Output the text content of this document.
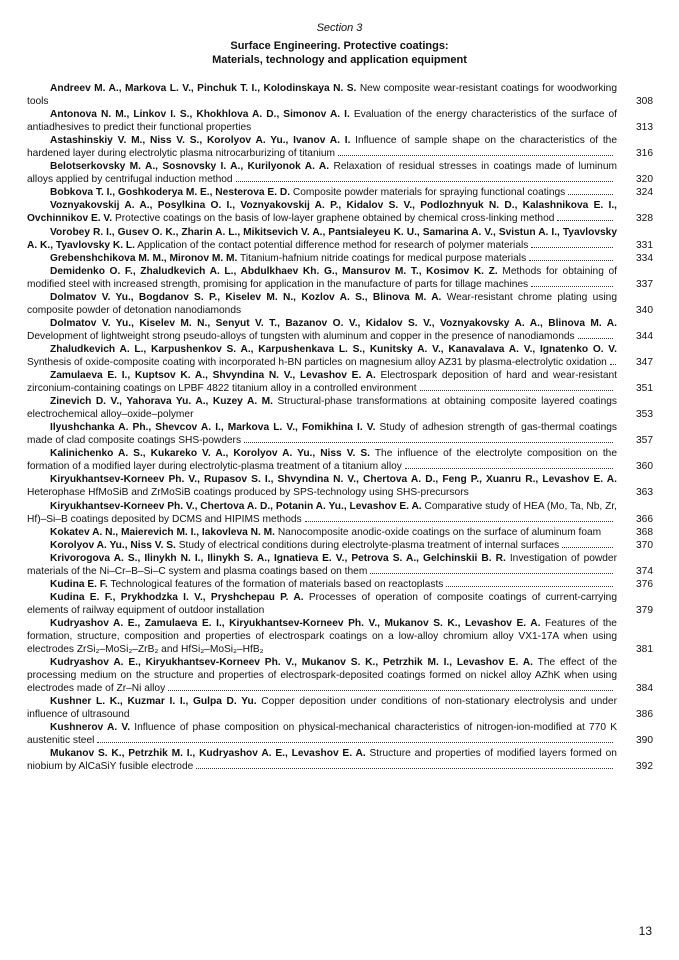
Section 3
Surface Engineering. Protective coatings:
Materials, technology and application equipment
Andreev M. A., Markova L. V., Pinchuk T. I., Kolodinskaya N. S. New composite wear-resistant coatings for woodworking tools	308
Antonova N. M., Linkov I. S., Khokhlova A. D., Simonov A. I. Evaluation of the energy characteristics of the surface of antiadhesives to predict their functional properties	313
Astashinskiy V. M., Niss V. S., Korolyov A. Yu., Ivanov A. I. Influence of sample shape on the characteristics of the hardened layer during electrolytic plasma nitrocarburizing of titanium	316
Belotserkovsky M. A., Sosnovsky I. A., Kurilyonok A. A. Relaxation of residual stresses in coatings made of luminum alloys applied by centrifugal induction method	320
Bobkova T. I., Goshkoderya M. E., Nesterova E. D. Composite powder materials for spraying functional coatings	324
Voznyakovskij A. A., Posylkina O. I., Voznyakovskij A. P., Kidalov S. V., Podlozhnyuk N. D., Kalashnikova E. I., Ovchinnikov E. V. Protective coatings on the basis of low-layer graphene obtained by chemical cross-linking method	328
Vorobey R. I., Gusev O. K., Zharin A. L., Mikitsevich V. A., Pantsialeyeu K. U., Samarina A. V., Svistun A. I., Tyavlovsky A. K., Tyavlovsky K. L. Application of the contact potential difference method for research of polymer materials	331
Grebenshchikova M. M., Mironov M. M. Titanium-hafnium nitride coatings for medical purpose materials	334
Demidenko O. F., Zhaludkevich A. L., Abdulkhaev Kh. G., Mansurov M. T., Kosimov K. Z. Methods for obtaining of modified steel with increased strength, promising for application in the manufacture of parts for tillage machines	337
Dolmatov V. Yu., Bogdanov S. P., Kiselev M. N., Kozlov A. S., Blinova M. A. Wear-resistant chrome plating using composite powder of detonation nanodiamonds	340
Dolmatov V. Yu., Kiselev M. N., Senyut V. T., Bazanov O. V., Kidalov S. V., Voznyakovsky A. A., Blinova M. A. Development of lightweight strong pseudo-alloys of tungsten with aluminum and copper in the presence of nanodiamonds	344
Zhaludkevich A. L., Karpushenkov S. A., Karpushenkava L. S., Kunitsky A. V., Kanavalava A. V., Ignatenko O. V. Synthesis of oxide-composite coating with incorporated h-BN particles on magnesium alloy AZ31 by plasma-electrolytic oxidation	347
Zamulaeva E. I., Kuptsov K. A., Shvyndina N. V., Levashov E. A. Electrospark deposition of hard and wear-resistant zirconium-containing coatings on LPBF 4822 titanium alloy in a controlled environment	351
Zinevich D. V., Yahorava Yu. A., Kuzey A. M. Structural-phase transformations at obtaining composite layered coatings electrochemical alloy–oxide–polymer	353
Ilyushchanka A. Ph., Shevcov A. I., Markova L. V., Fomikhina I. V. Study of adhesion strength of gas-thermal coatings made of clad composite coatings SHS-powders	357
Kalinichenko A. S., Kukareko V. A., Korolyov A. Yu., Niss V. S. The influence of the electrolyte composition on the formation of a modified layer during electrolytic-plasma treatment of a titanium alloy	360
Kiryukhantsev-Korneev Ph. V., Rupasov S. I., Shvyndina N. V., Chertova A. D., Feng P., Xuanru R., Levashov E. A. Heterophase HfMoSiB and ZrMoSiB coatings produced by SPS-technology using SHS-precursors	363
Kiryukhantsev-Korneev Ph. V., Chertova A. D., Potanin A. Yu., Levashov E. A. Comparative study of HEA (Mo, Ta, Nb, Zr, Hf)–Si–B coatings deposited by DCMS and HIPIMS methods	366
Kokatev A. N., Maierevich M. I., Iakovleva N. M. Nanocomposite anodic-oxide coatings on the surface of aluminum foam	368
Korolyov A. Yu., Niss V. S. Study of electrical conditions during electrolyte-plasma treatment of internal surfaces	370
Krivorogova A. S., Ilinykh N. I., Ilinykh S. A., Ignatieva E. V., Petrova S. A., Gelchinskii B. R. Investigation of powder materials of the Ni–Cr–B–Si–C system and plasma coatings based on them	374
Kudina E. F. Technological features of the formation of materials based on reactoplasts	376
Kudina E. F., Prykhodzka I. V., Pryshchepau P. A. Processes of operation of composite coatings of current-carrying elements of railway equipment of outdoor installation	379
Kudryashov A. E., Zamulaeva E. I., Kiryukhantsev-Korneev Ph. V., Mukanov S. K., Levashov E. A. Features of the formation, structure, composition and properties of electrospark coatings on a low-alloy chromium alloy VX1-17A when using electrodes ZrSi₂–MoSi₂–ZrB₂ and HfSi₂–MoSi₂–HfB₂	381
Kudryashov A. E., Kiryukhantsev-Korneev Ph. V., Mukanov S. K., Petrzhik M. I., Levashov E. A. The effect of the processing medium on the structure and properties of electrospark-deposited coatings formed on nickel alloy AZhK when using electrodes made of Zr–Ni alloy	384
Kushner L. K., Kuzmar I. I., Gulpa D. Yu. Copper deposition under conditions of non-stationary electrolysis and under influence of ultrasound	386
Kushnerov A. V. Influence of phase composition on physical-mechanical characteristics of nitrogen-ion-modified at 770 K austenitic steel	390
Mukanov S. K., Petrzhik M. I., Kudryashov A. E., Levashov E. A. Structure and properties of modified layers formed on niobium by AlCaSiY fusible electrode	392
13
